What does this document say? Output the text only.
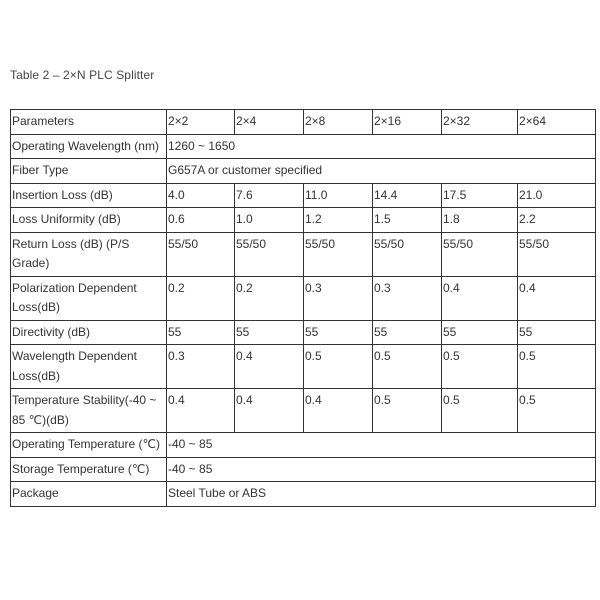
Table 2 – 2×N PLC Splitter
Parameters	2×2	2×4	2×8	2×16	2×32	2×64
Operating Wavelength (nm)	1260 ~ 1650					
Fiber Type	G657A or customer specified					
Insertion Loss (dB)	4.0	7.6	11.0	14.4	17.5	21.0
Loss Uniformity (dB)	0.6	1.0	1.2	1.5	1.8	2.2
Return Loss (dB) (P/S Grade)	55/50	55/50	55/50	55/50	55/50	55/50
Polarization Dependent Loss(dB)	0.2	0.2	0.3	0.3	0.4	0.4
Directivity (dB)	55	55	55	55	55	55
Wavelength Dependent Loss(dB)	0.3	0.4	0.5	0.5	0.5	0.5
Temperature Stability(-40 ~ 85 ℃)(dB)	0.4	0.4	0.4	0.5	0.5	0.5
Operating Temperature (℃)	-40 ~ 85					
Storage Temperature (℃)	-40 ~ 85					
Package	Steel Tube or ABS					
